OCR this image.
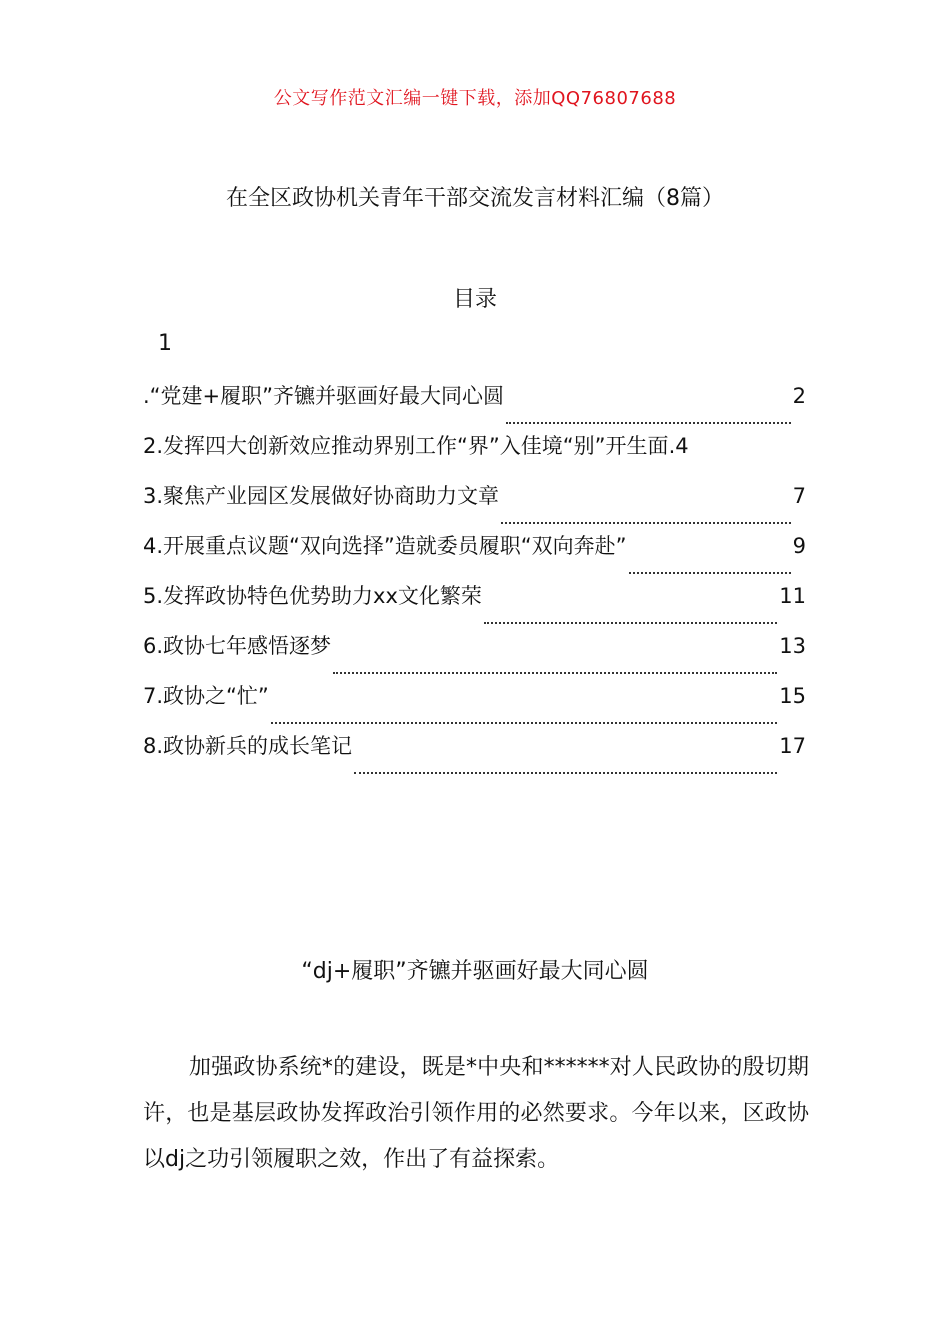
公文写作范文汇编一键下载，添加QQ76807688
在全区政协机关青年干部交流发言材料汇编（8篇）
目录
1
.“党建+履职”齐镳并驱画好最大同心圆	2
2.发挥四大创新效应推动界别工作“界”入佳境“别”开生面 .4
3.聚焦产业园区发展做好协商助力文章	7
4.开展重点议题“双向选择”造就委员履职“双向奔赴”	9
5.发挥政协特色优势助力xx文化繁荣	11
6.政协七年感悟逐梦	13
7.政协之“忙”	15
8.政协新兵的成长笔记	17
“dj+履职”齐镳并驱画好最大同心圆

加强政协系统*的建设，既是*中央和******对人民政协的殷切期许，也是基层政协发挥政治引领作用的必然要求。今年以来，区政协以dj之功引领履职之效，作出了有益探索。
